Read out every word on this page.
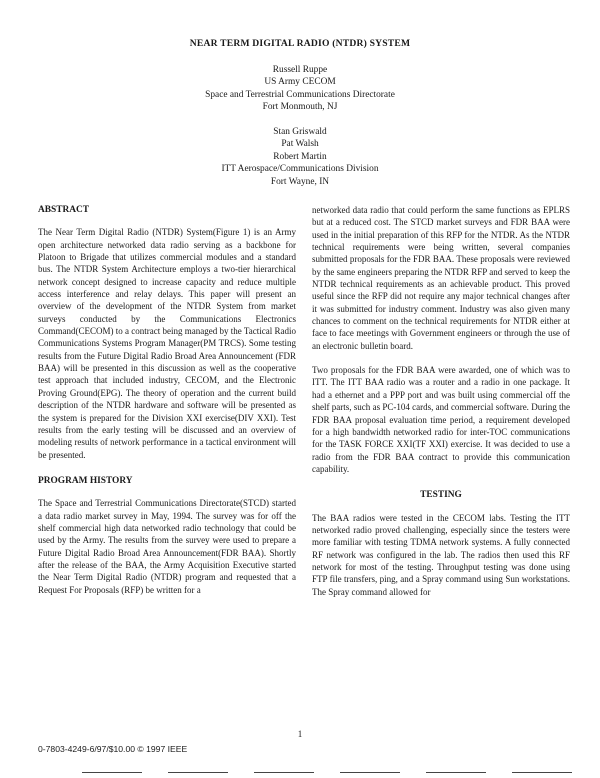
NEAR TERM DIGITAL RADIO (NTDR) SYSTEM
Russell Ruppe
US Army CECOM
Space and Terrestrial Communications Directorate
Fort Monmouth, NJ
Stan Griswald
Pat Walsh
Robert Martin
ITT Aerospace/Communications Division
Fort Wayne, IN

ABSTRACT

The Near Term Digital Radio (NTDR) System(Figure 1) is an Army open architecture networked data radio serving as a backbone for Platoon to Brigade that utilizes commercial modules and a standard bus. The NTDR System Architecture employs a two-tier hierarchical network concept designed to increase capacity and reduce multiple access interference and relay delays. This paper will present an overview of the development of the NTDR System from market surveys conducted by the Communications Electronics Command(CECOM) to a contract being managed by the Tactical Radio Communications Systems Program Manager(PM TRCS). Some testing results from the Future Digital Radio Broad Area Announcement (FDR BAA) will be presented in this discussion as well as the cooperative test approach that included industry, CECOM, and the Electronic Proving Ground(EPG). The theory of operation and the current build description of the NTDR hardware and software will be presented as the system is prepared for the Division XXI exercise(DIV XXI). Test results from the early testing will be discussed and an overview of modeling results of network performance in a tactical environment will be presented.

PROGRAM HISTORY

The Space and Terrestrial Communications Directorate(STCD) started a data radio market survey in May, 1994. The survey was for off the shelf commercial high data networked radio technology that could be used by the Army. The results from the survey were used to prepare a Future Digital Radio Broad Area Announcement(FDR BAA). Shortly after the release of the BAA, the Army Acquisition Executive started the Near Term Digital Radio (NTDR) program and requested that a Request For Proposals (RFP) be written for a

networked data radio that could perform the same functions as EPLRS but at a reduced cost. The STCD market surveys and FDR BAA were used in the initial preparation of this RFP for the NTDR. As the NTDR technical requirements were being written, several companies submitted proposals for the FDR BAA. These proposals were reviewed by the same engineers preparing the NTDR RFP and served to keep the NTDR technical requirements as an achievable product. This proved useful since the RFP did not require any major technical changes after it was submitted for industry comment. Industry was also given many chances to comment on the technical requirements for NTDR either at face to face meetings with Government engineers or through the use of an electronic bulletin board.

Two proposals for the FDR BAA were awarded, one of which was to ITT. The ITT BAA radio was a router and a radio in one package. It had a ethernet and a PPP port and was built using commercial off the shelf parts, such as PC-104 cards, and commercial software. During the FDR BAA proposal evaluation time period, a requirement developed for a high bandwidth networked radio for inter-TOC communications for the TASK FORCE XXI(TF XXI) exercise. It was decided to use a radio from the FDR BAA contract to provide this communication capability.

TESTING

The BAA radios were tested in the CECOM labs. Testing the ITT networked radio proved challenging, especially since the testers were more familiar with testing TDMA network systems. A fully connected RF network was configured in the lab. The radios then used this RF network for most of the testing. Throughput testing was done using FTP file transfers, ping, and a Spray command using Sun workstations. The Spray command allowed for

1
0-7803-4249-6/97/$10.00 © 1997 IEEE
